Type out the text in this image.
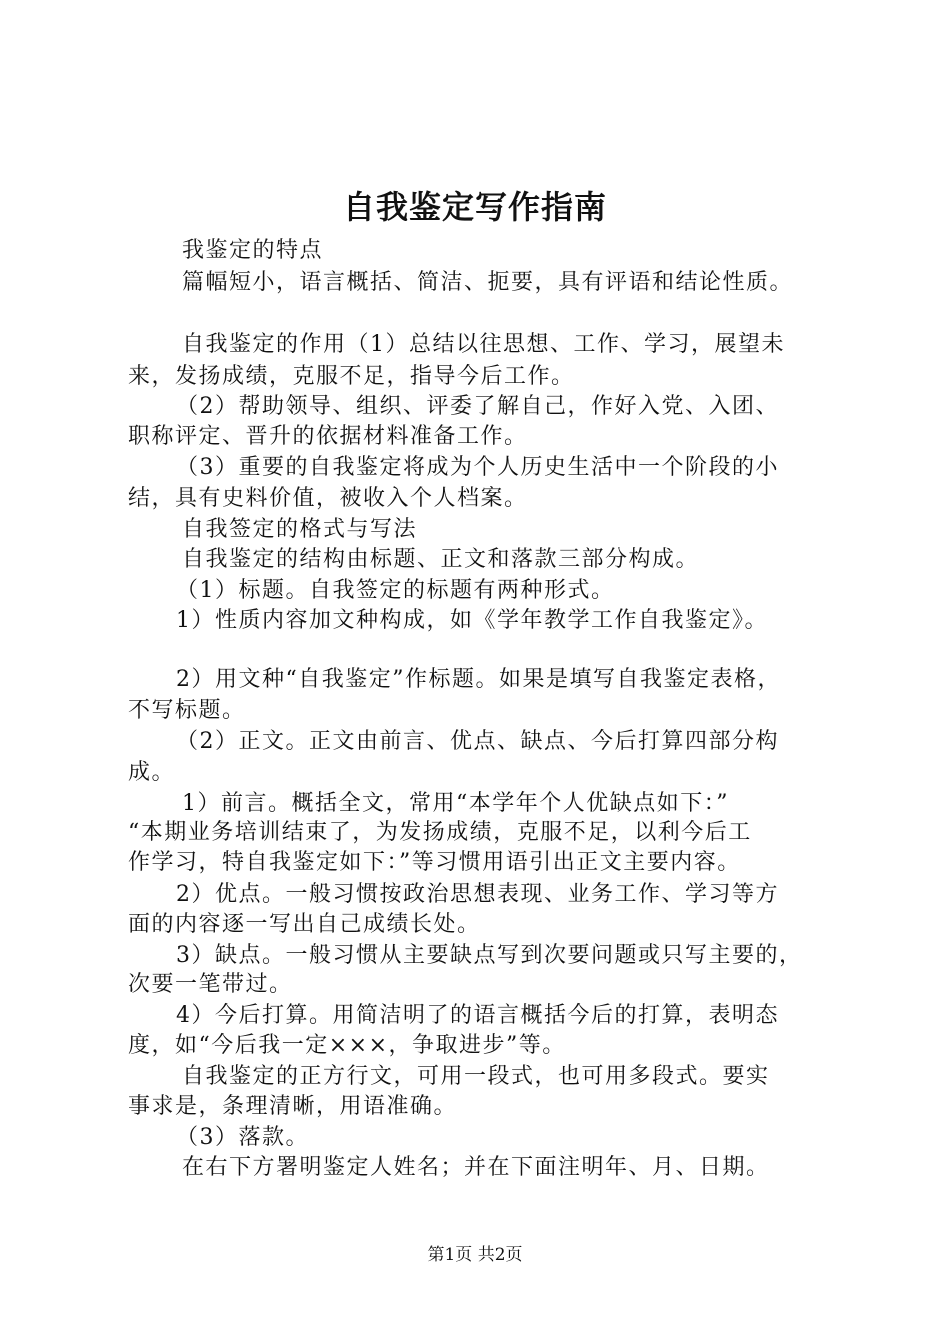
自我鉴定写作指南
我鉴定的特点
篇幅短小，语言概括、简洁、扼要，具有评语和结论性质。
自我鉴定的作用（1）总结以往思想、工作、学习，展望未
来，发扬成绩，克服不足，指导今后工作。
（2）帮助领导、组织、评委了解自己，作好入党、入团、
职称评定、晋升的依据材料准备工作。
（3）重要的自我鉴定将成为个人历史生活中一个阶段的小
结，具有史料价值，被收入个人档案。
自我签定的格式与写法
自我鉴定的结构由标题、正文和落款三部分构成。
（1）标题。自我签定的标题有两种形式。
1）性质内容加文种构成，如《学年教学工作自我鉴定》。
2）用文种“自我鉴定”作标题。如果是填写自我鉴定表格，
不写标题。
（2）正文。正文由前言、优点、缺点、今后打算四部分构
成。
1）前言。概括全文，常用“本学年个人优缺点如下：”
“本期业务培训结束了，为发扬成绩，克服不足，以利今后工
作学习，特自我鉴定如下：”等习惯用语引出正文主要内容。
2）优点。一般习惯按政治思想表现、业务工作、学习等方
面的内容逐一写出自己成绩长处。
3）缺点。一般习惯从主要缺点写到次要问题或只写主要的，
次要一笔带过。
4）今后打算。用简洁明了的语言概括今后的打算，表明态
度，如“今后我一定×××，争取进步”等。
自我鉴定的正方行文，可用一段式，也可用多段式。要实
事求是，条理清晰，用语准确。
（3）落款。
在右下方署明鉴定人姓名；并在下面注明年、月、日期。
第1页 共2页
